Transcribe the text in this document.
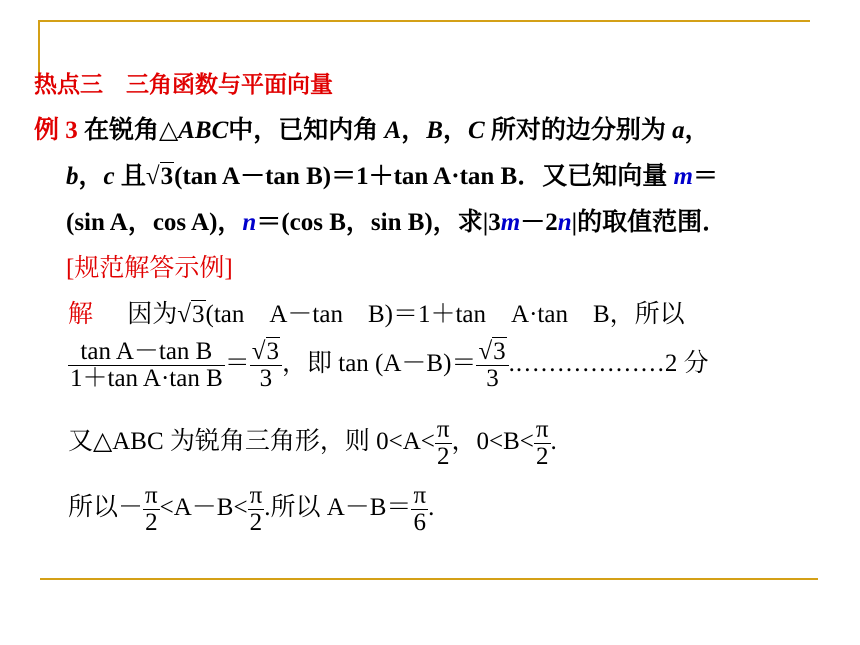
热点三　三角函数与平面向量
例 3 在锐角△ABC中，已知内角 A，B，C 所对的边分别为 a，
b，c 且√3(tan A－tan B)＝1＋tan A·tan B．又已知向量 m＝
(sin A，cos A)，n＝(cos B，sin B)，求|3m－2n|的取值范围．
[规范解答示例]
解 因为√3(tan　A－tan　B)＝1＋tan　A·tan　B，所以
$\frac{\text{tan A－tan B}}{\text{1＋tan A·tan B}} = \frac{√3}{3}$ ，即 $\tan (A-B)= \frac{√3}{3}$ .………………2 分
又△ABC 为锐角三角形，则 $0<A< \frac{\pi}{2}$ ，$0<B< \frac{\pi}{2}$ .
所以－ $\frac{\pi}{2} <A-B< \frac{\pi}{2}$ .所以 $A-B= \frac{\pi}{6}$ .
